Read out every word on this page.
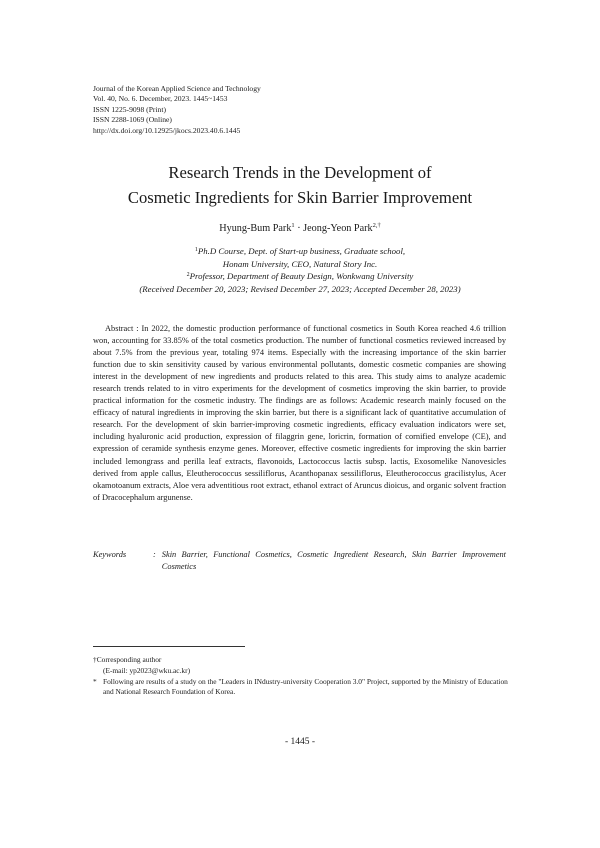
Journal of the Korean Applied Science and Technology
Vol. 40, No. 6. December, 2023. 1445~1453
ISSN 1225-9098 (Print)
ISSN 2288-1069 (Online)
http://dx.doi.org/10.12925/jkocs.2023.40.6.1445
Research Trends in the Development of
Cosmetic Ingredients for Skin Barrier Improvement
Hyung-Bum Park$^1$ · Jeong-Yeon Park$^{2,\dagger}$
$^1$Ph.D Course, Dept. of Start-up business, Graduate school,
Honam University, CEO, Natural Story Inc.
$^2$Professor, Department of Beauty Design, Wonkwang University
(Received December 20, 2023; Revised December 27, 2023; Accepted December 28, 2023)

Abstract : In 2022, the domestic production performance of functional cosmetics in South Korea reached 4.6 trillion won, accounting for 33.85% of the total cosmetics production. The number of functional cosmetics reviewed increased by about 7.5% from the previous year, totaling 974 items. Especially with the increasing importance of the skin barrier function due to skin sensitivity caused by various environmental pollutants, domestic cosmetic companies are showing interest in the development of new ingredients and products related to this area. This study aims to analyze academic research trends related to in vitro experiments for the development of cosmetics improving the skin barrier, to provide practical information for the cosmetic industry. The findings are as follows: Academic research mainly focused on the efficacy of natural ingredients in improving the skin barrier, but there is a significant lack of quantitative accumulation of research. For the development of skin barrier-improving cosmetic ingredients, efficacy evaluation indicators were set, including hyaluronic acid production, expression of filaggrin gene, loricrin, formation of cornified envelope (CE), and expression of ceramide synthesis enzyme genes. Moreover, effective cosmetic ingredients for improving the skin barrier included lemongrass and perilla leaf extracts, flavonoids, Lactococcus lactis subsp. lactis, Exosomelike Nanovesicles derived from apple callus, Eleutherococcus sessiliflorus, Acanthopanax sessiliflorus, Eleutherococcus gracilistylus, Acer okamotoanum extracts, Aloe vera adventitious root extract, ethanol extract of Aruncus dioicus, and organic solvent fraction of Dracocephalum argunense.

Keywords	: Skin Barrier, Functional Cosmetics, Cosmetic Ingredient Research, Skin Barrier Improvement Cosmetics
†Corresponding author
(E-mail: yp2023@wku.ac.kr)
* Following are results of a study on the "Leaders in INdustry-university Cooperation 3.0" Project, supported by the Ministry of Education and National Research Foundation of Korea.
- 1445 -
